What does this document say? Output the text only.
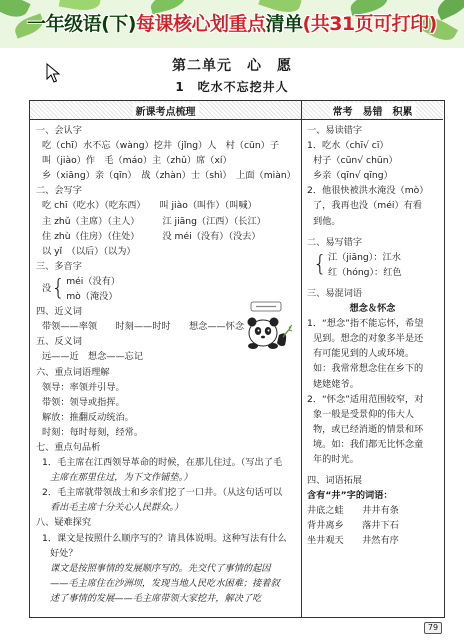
一年级语(下)每课核心划重点清单(共31页可打印)
第二单元　心　愿
1　吃水不忘挖井人
新课考点梳理
一、会认字
吃（chī）水不忘（wàng）挖井（jǐng）人　村（cūn）子
叫（jiào）作　毛（máo）主（zhǔ）席（xí）
乡（xiāng）亲（qīn）　战（zhàn）士（shì）　上面（miàn）
二、会写字
吃 chī（吃水）（吃东西）　　叫 jiào（叫作）（叫喊）
主 zhǔ（主席）（主人）　　　江 jiāng（江西）（长江）
住 zhù（住房）（住处）　　　没 méi（没有）（没去）
以 yǐ　（以后）（以为）
三、多音字
没 { méi（没有）
mò（淹没）
四、近义词
带领——率领　　时刻——时时　　想念——怀念
五、反义词
远——近　想念——忘记
六、重点词语理解
领导：率领并引导。
带领：领导或指挥。
解放：推翻反动统治。
时刻：每时每刻，经常。
七、重点句品析
1．毛主席在江西领导革命的时候，在那儿住过。（写出了毛
主席在那里住过，为下文作铺垫。）
2．毛主席就带领战士和乡亲们挖了一口井。（从这句话可以
看出毛主席十分关心人民群众。）
八、疑难探究
1．课文是按照什么顺序写的？请具体说明。这种写法有什么
好处？
课文是按照事情的发展顺序写的。先交代了事情的起因
——毛主席住在沙洲坝，发现当地人民吃水困难；接着叙
述了事情的发展——毛主席带领大家挖井，解决了吃
常考　易错　积累
一、易读错字
1．吃水（chī√ cī）
村子（cūn√ chūn）
乡亲（qīn√ qīng）
2．他很快被洪水淹没（mò）
了，我再也没（méi）有看
到他。
二、易写错字
{ 江（jiāng）：江水
红（hóng）：红色
三、易混词语
想念＆怀念
1．“想念”指不能忘怀，希望
见到。想念的对象多半是还
有可能见到的人或环境。
如：我常常想念住在乡下的
姥姥姥爷。
2．“怀念”适用范围较窄，对
象一般是受景仰的伟大人
物，或已经消逝的情景和环
境。如：我们都无比怀念童
年的时光。
四、词语拓展
含有“井”字的词语：
井底之蛙　　井井有条
背井离乡　　落井下石
坐井观天　　井然有序
79
